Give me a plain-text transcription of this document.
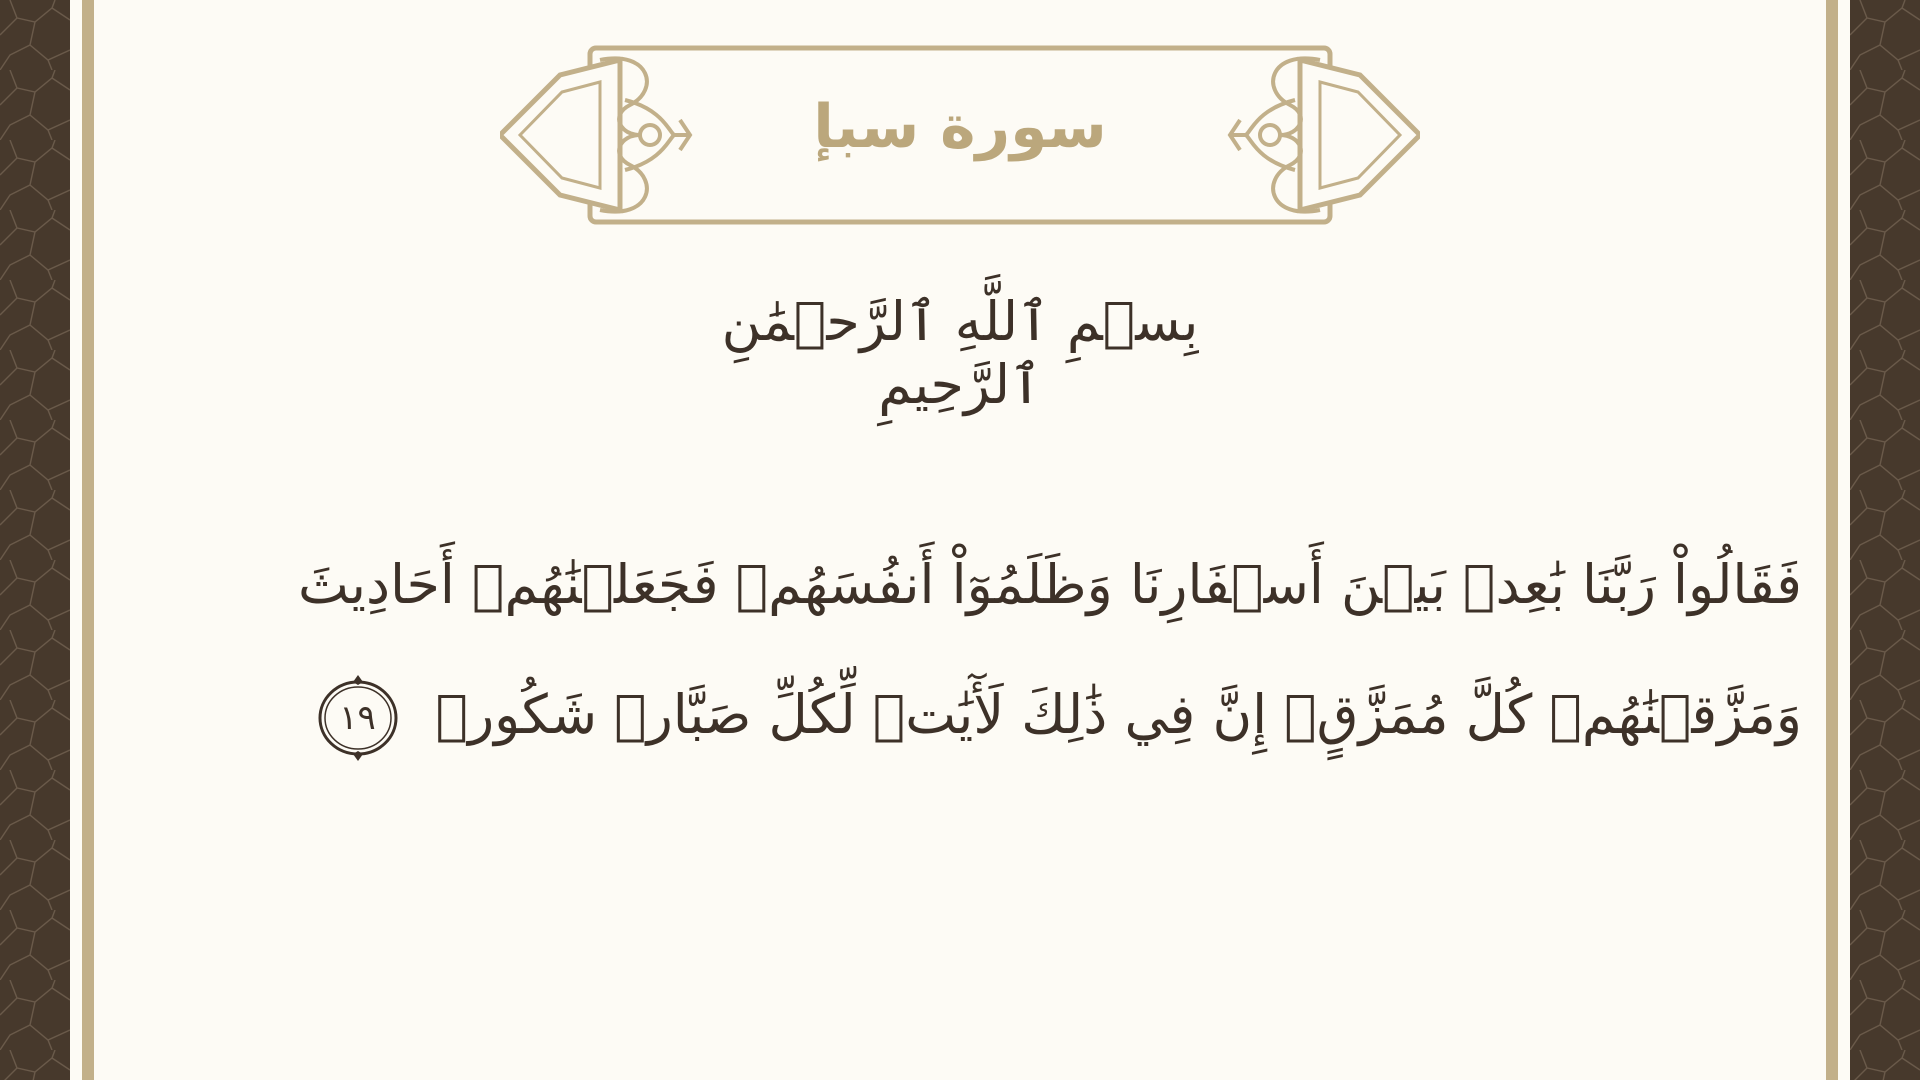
سورة سبإ
بِسۡمِ ٱللَّهِ ٱلرَّحۡمَٰنِ ٱلرَّحِيمِ
فَقَالُواْ رَبَّنَا بَٰعِدۡ بَيۡنَ أَسۡفَارِنَا وَظَلَمُوٓاْ أَنفُسَهُمۡ فَجَعَلۡنَٰهُمۡ أَحَادِيثَ
وَمَزَّقۡنَٰهُمۡ كُلَّ مُمَزَّقٍۚ إِنَّ فِي ذَٰلِكَ لَأٓيَٰتٖ لِّكُلِّ صَبَّارٖ شَكُورٖ
١٩
